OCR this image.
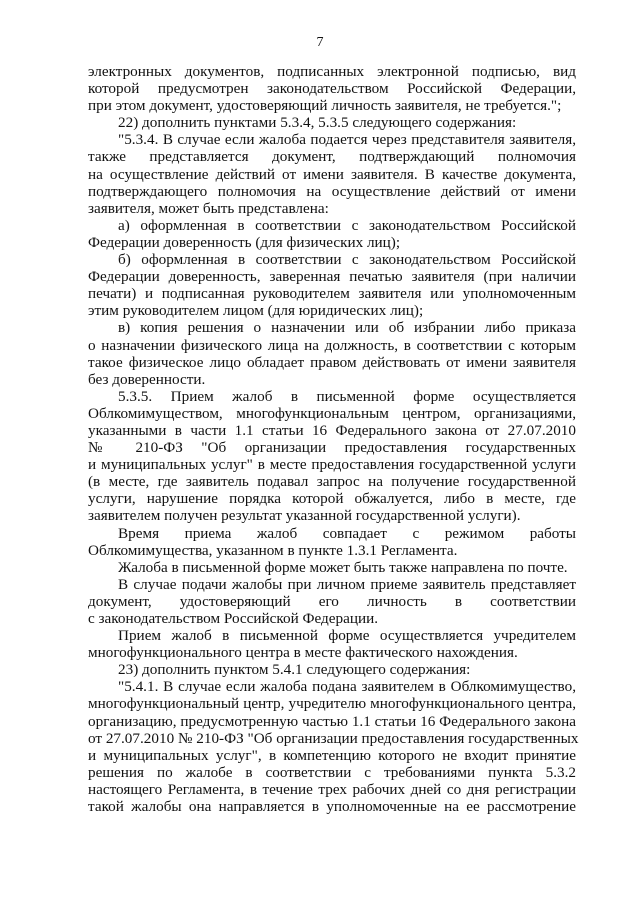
7
электронных документов, подписанных электронной подписью, вид
которой предусмотрен законодательством Российской Федерации,
при этом документ, удостоверяющий личность заявителя, не требуется.";
22) дополнить пунктами 5.3.4, 5.3.5 следующего содержания:
"5.3.4. В случае если жалоба подается через представителя заявителя,
также представляется документ, подтверждающий полномочия
на осуществление действий от имени заявителя. В качестве документа,
подтверждающего полномочия на осуществление действий от имени
заявителя, может быть представлена:
а) оформленная в соответствии с законодательством Российской
Федерации доверенность (для физических лиц);
б) оформленная в соответствии с законодательством Российской
Федерации доверенность, заверенная печатью заявителя (при наличии
печати) и подписанная руководителем заявителя или уполномоченным
этим руководителем лицом (для юридических лиц);
в) копия решения о назначении или об избрании либо приказа
о назначении физического лица на должность, в соответствии с которым
такое физическое лицо обладает правом действовать от имени заявителя
без доверенности.
5.3.5. Прием жалоб в письменной форме осуществляется
Облкомимуществом, многофункциональным центром, организациями,
указанными в части 1.1 статьи 16 Федерального закона от 27.07.2010
№ 210-ФЗ "Об организации предоставления государственных
и муниципальных услуг" в месте предоставления государственной услуги
(в месте, где заявитель подавал запрос на получение государственной
услуги, нарушение порядка которой обжалуется, либо в месте, где
заявителем получен результат указанной государственной услуги).
Время приема жалоб совпадает с режимом работы
Облкомимущества, указанном в пункте 1.3.1 Регламента.
Жалоба в письменной форме может быть также направлена по почте.
В случае подачи жалобы при личном приеме заявитель представляет
документ, удостоверяющий его личность в соответствии
с законодательством Российской Федерации.
Прием жалоб в письменной форме осуществляется учредителем
многофункционального центра в месте фактического нахождения.
23) дополнить пунктом 5.4.1 следующего содержания:
"5.4.1. В случае если жалоба подана заявителем в Облкомимущество,
многофункциональный центр, учредителю многофункционального центра,
организацию, предусмотренную частью 1.1 статьи 16 Федерального закона
от 27.07.2010 № 210-ФЗ "Об организации предоставления государственных
и муниципальных услуг", в компетенцию которого не входит принятие
решения по жалобе в соответствии с требованиями пункта 5.3.2
настоящего Регламента, в течение трех рабочих дней со дня регистрации
такой жалобы она направляется в уполномоченные на ее рассмотрение
